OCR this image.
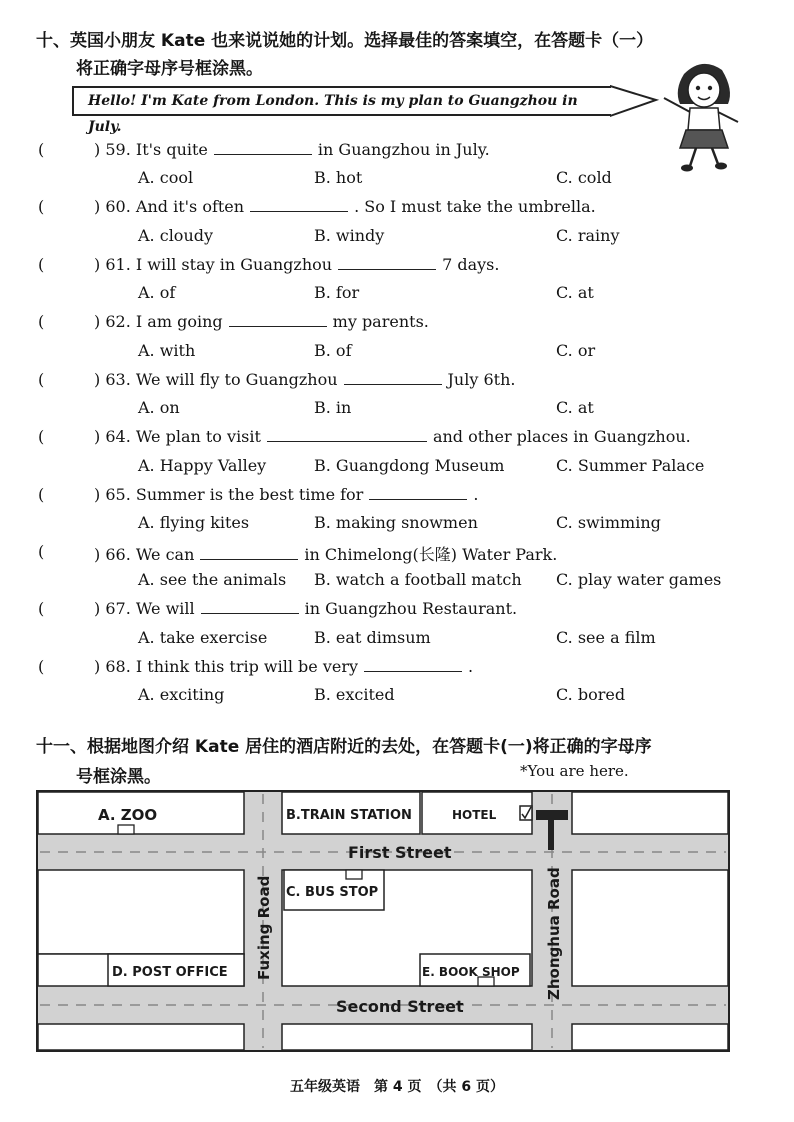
十、英国小朋友 Kate 也来说说她的计划。选择最佳的答案填空，在答题卡（一）
将正确字母序号框涂黑。
Hello! I'm Kate from London. This is my plan to Guangzhou in July.
(	) 59. It's quite	in Guangzhou in July.
A. cool	B. hot	C. cold
(	) 60. And it's often	. So I must take the umbrella.
A. cloudy	B. windy	C. rainy
(	) 61. I will stay in Guangzhou	7 days.
A. of	B. for	C. at
(	) 62. I am going	my parents.
A. with	B. of	C. or
(	) 63. We will fly to Guangzhou	July 6th.
A. on	B. in	C. at
(	) 64. We plan to visit	and other places in Guangzhou.
A. Happy Valley	B. Guangdong Museum	C. Summer Palace
(	) 65. Summer is the best time for	.
A. flying kites	B. making snowmen	C. swimming
(	) 66. We can	in Chimelong(长隆) Water Park.
A. see the animals B. watch a football match C. play water games
(	) 67. We will	in Guangzhou Restaurant.
A. take exercise	B. eat dimsum	C. see a film
(	) 68. I think this trip will be very	.
A. exciting	B. excited	C. bored
十一、根据地图介绍 Kate 居住的酒店附近的去处，在答题卡(一)将正确的字母序
号框涂黑。	*You are here.
A. ZOO	B.TRAIN STATION	HOTEL
C. BUS STOP
D. POST OFFICE	E. BOOK SHOP
First Street
Second Street
Fuxing Road	Zhonghua Road
五年级英语　第 4 页　（共 6 页）
